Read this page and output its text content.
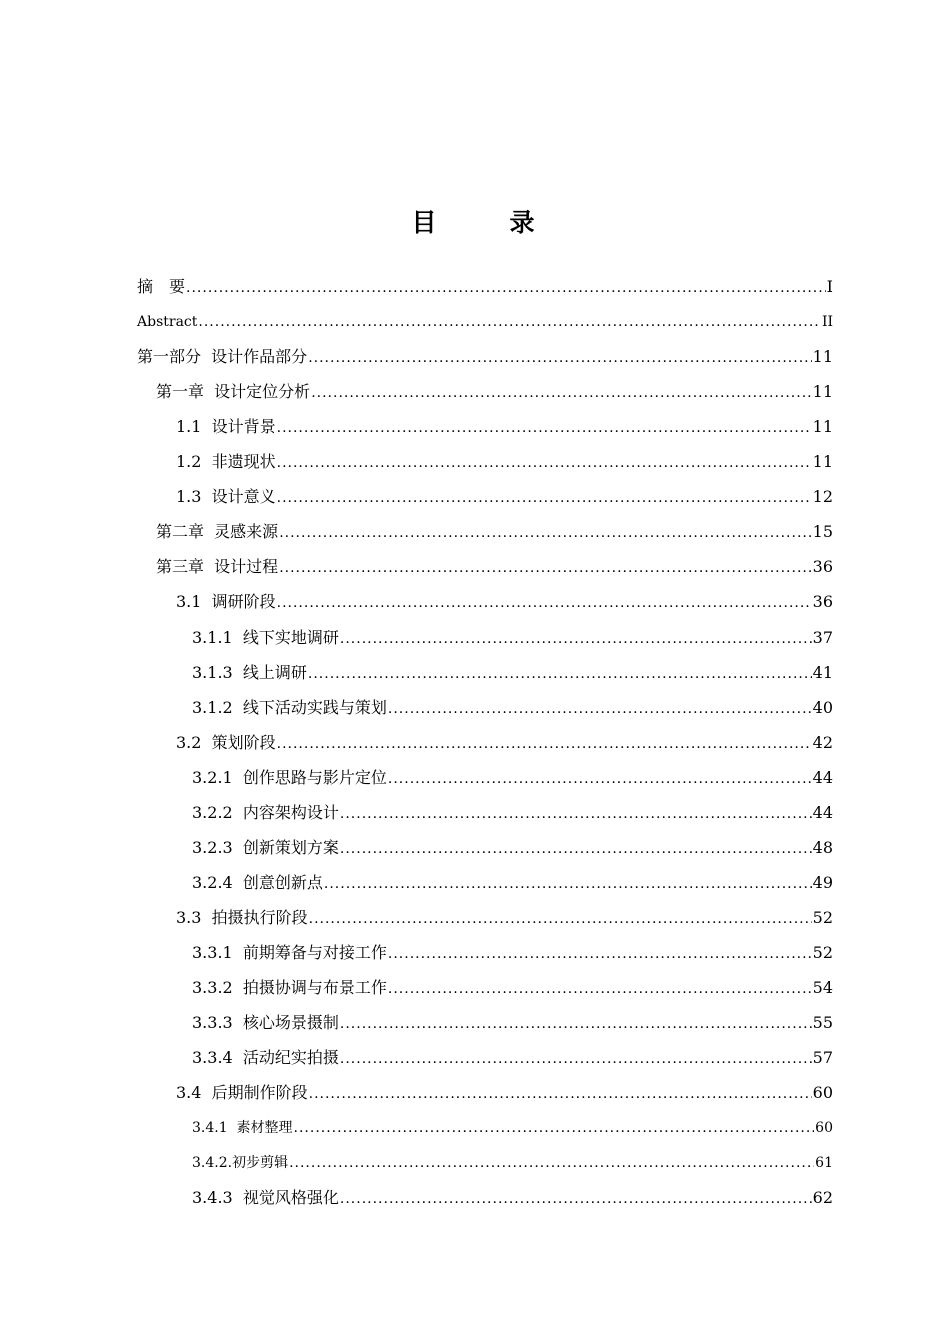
目　录
摘　要 .....	I
Abstract .....	II
第一部分  设计作品部分 .....	11
第一章  设计定位分析 .....	11
1.1  设计背景 .....	11
1.2  非遗现状 .....	11
1.3  设计意义 .....	12
第二章  灵感来源 .....	15
第三章  设计过程 .....	36
3.1  调研阶段 .....	36
3.1.1  线下实地调研 .....	37
3.1.3  线上调研 .....	41
3.1.2  线下活动实践与策划 .....	40
3.2  策划阶段 .....	42
3.2.1  创作思路与影片定位 .....	44
3.2.2  内容架构设计 .....	44
3.2.3  创新策划方案 .....	48
3.2.4  创意创新点 .....	49
3.3  拍摄执行阶段 .....	52
3.3.1  前期筹备与对接工作 .....	52
3.3.2  拍摄协调与布景工作 .....	54
3.3.3  核心场景摄制 .....	55
3.3.4  活动纪实拍摄 .....	57
3.4  后期制作阶段 .....	60
3.4.1  素材整理 .....	60
3.4.2.初步剪辑 .....	61
3.4.3  视觉风格强化 .....	62
